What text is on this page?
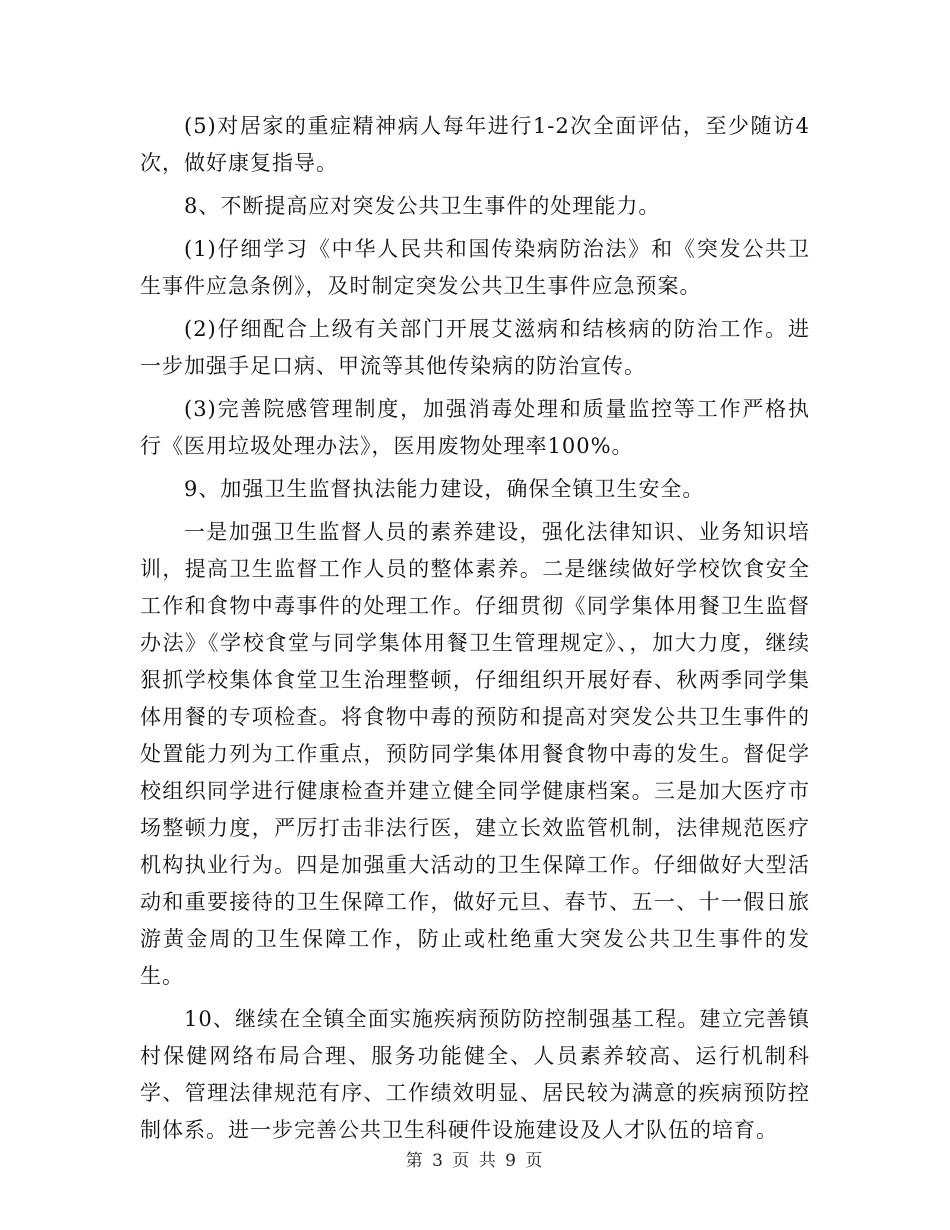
(5)对居家的重症精神病人每年进行1-2次全面评估，至少随访4次，做好康复指导。

8、不断提高应对突发公共卫生事件的处理能力。

(1)仔细学习《中华人民共和国传染病防治法》和《突发公共卫生事件应急条例》，及时制定突发公共卫生事件应急预案。

(2)仔细配合上级有关部门开展艾滋病和结核病的防治工作。进一步加强手足口病、甲流等其他传染病的防治宣传。

(3)完善院感管理制度，加强消毒处理和质量监控等工作严格执行《医用垃圾处理办法》，医用废物处理率100%。

9、加强卫生监督执法能力建设，确保全镇卫生安全。

一是加强卫生监督人员的素养建设，强化法律知识、业务知识培训，提高卫生监督工作人员的整体素养。二是继续做好学校饮食安全工作和食物中毒事件的处理工作。仔细贯彻《同学集体用餐卫生监督办法》《学校食堂与同学集体用餐卫生管理规定》、，加大力度，继续狠抓学校集体食堂卫生治理整顿，仔细组织开展好春、秋两季同学集体用餐的专项检查。将食物中毒的预防和提高对突发公共卫生事件的处置能力列为工作重点，预防同学集体用餐食物中毒的发生。督促学校组织同学进行健康检查并建立健全同学健康档案。三是加大医疗市场整顿力度，严厉打击非法行医，建立长效监管机制，法律规范医疗机构执业行为。四是加强重大活动的卫生保障工作。仔细做好大型活动和重要接待的卫生保障工作，做好元旦、春节、五一、十一假日旅游黄金周的卫生保障工作，防止或杜绝重大突发公共卫生事件的发生。

10、继续在全镇全面实施疾病预防防控制强基工程。建立完善镇村保健网络布局合理、服务功能健全、人员素养较高、运行机制科学、管理法律规范有序、工作绩效明显、居民较为满意的疾病预防控制体系。进一步完善公共卫生科硬件设施建设及人才队伍的培育。

第 3 页 共 9 页
